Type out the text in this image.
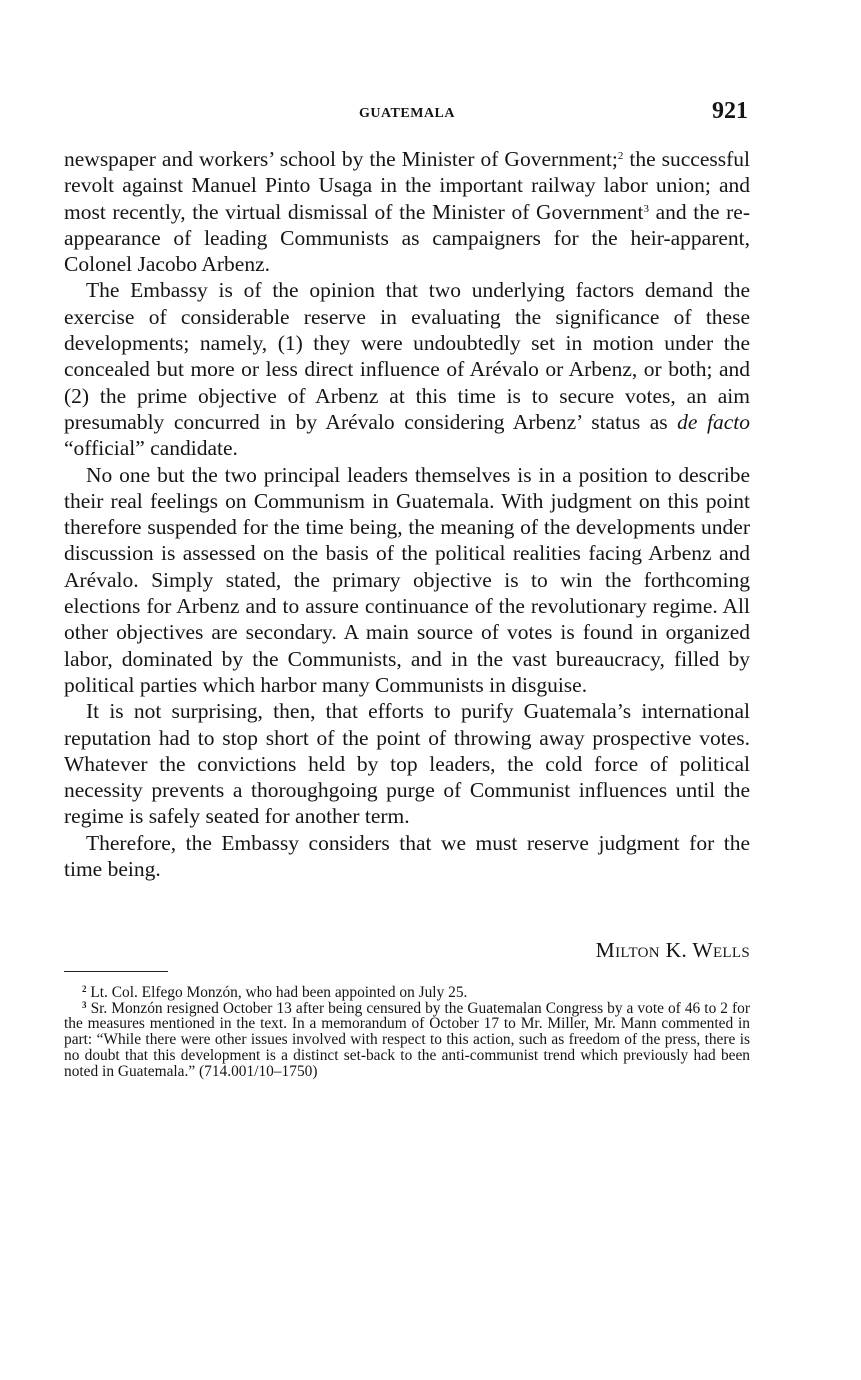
GUATEMALA	921

newspaper and workers’ school by the Minister of Government;$^2$ the successful revolt against Manuel Pinto Usaga in the important railway labor union; and most recently, the virtual dismissal of the Minister of Government$^3$ and the re-appearance of leading Communists as campaigners for the heir-apparent, Colonel Jacobo Arbenz.

The Embassy is of the opinion that two underlying factors demand the exercise of considerable reserve in evaluating the significance of these developments; namely, (1) they were undoubtedly set in motion under the concealed but more or less direct influence of Arévalo or Arbenz, or both; and (2) the prime objective of Arbenz at this time is to secure votes, an aim presumably concurred in by Arévalo considering Arbenz’ status as de facto “official” candidate.

No one but the two principal leaders themselves is in a position to describe their real feelings on Communism in Guatemala. With judgment on this point therefore suspended for the time being, the meaning of the developments under discussion is assessed on the basis of the political realities facing Arbenz and Arévalo. Simply stated, the primary objective is to win the forthcoming elections for Arbenz and to assure continuance of the revolutionary regime. All other objectives are secondary. A main source of votes is found in organized labor, dominated by the Communists, and in the vast bureaucracy, filled by political parties which harbor many Communists in disguise.

It is not surprising, then, that efforts to purify Guatemala’s international reputation had to stop short of the point of throwing away prospective votes. Whatever the convictions held by top leaders, the cold force of political necessity prevents a thoroughgoing purge of Communist influences until the regime is safely seated for another term.

Therefore, the Embassy considers that we must reserve judgment for the time being.

Milton K. Wells

$^2$ Lt. Col. Elfego Monzón, who had been appointed on July 25.

$^3$ Sr. Monzón resigned October 13 after being censured by the Guatemalan Congress by a vote of 46 to 2 for the measures mentioned in the text. In a memorandum of October 17 to Mr. Miller, Mr. Mann commented in part: “While there were other issues involved with respect to this action, such as freedom of the press, there is no doubt that this development is a distinct set-back to the anti-communist trend which previously had been noted in Guatemala.” (714.001/10–1750)
